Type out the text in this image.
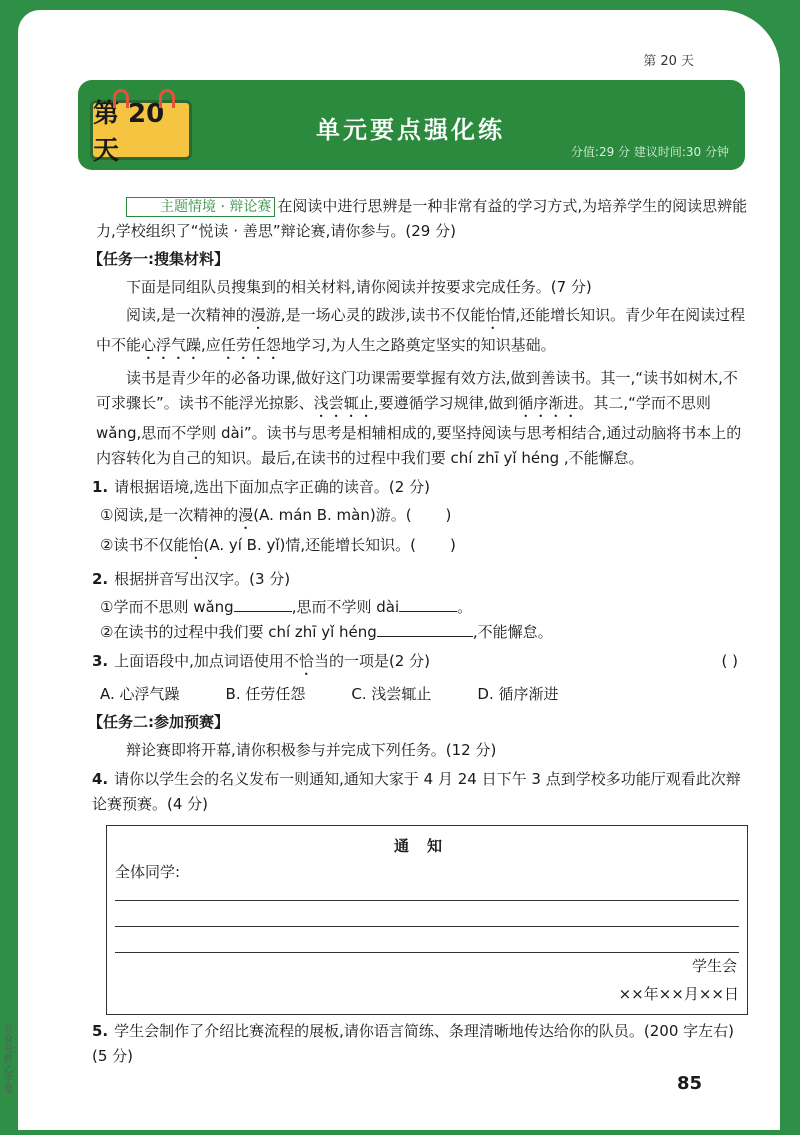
第 20 天
第 20 天
单元要点强化练
分值:29 分 建议时间:30 分钟

主题情境 · 辩论赛 在阅读中进行思辨是一种非常有益的学习方式,为培养学生的阅读思辨能力,学校组织了“悦读 · 善思”辩论赛,请你参与。(29 分)

【任务一:搜集材料】

下面是同组队员搜集到的相关材料,请你阅读并按要求完成任务。(7 分)

阅读,是一次精神的漫游,是一场心灵的跋涉,读书不仅能怡情,还能增长知识。青少年在阅读过程中不能心浮气躁,应任劳任怨地学习,为人生之路奠定坚实的知识基础。

读书是青少年的必备功课,做好这门功课需要掌握有效方法,做到善读书。其一,“读书如树木,不可求骤长”。读书不能浮光掠影、浅尝辄止,要遵循学习规律,做到循序渐进。其二,“学而不思则 wǎng,思而不学则 dài”。读书与思考是相辅相成的,要坚持阅读与思考相结合,通过动脑将书本上的内容转化为自己的知识。最后,在读书的过程中我们要 chí zhī yǐ héng ,不能懈怠。

1. 请根据语境,选出下面加点字正确的读音。(2 分)
①阅读,是一次精神的漫(A. mán B. màn)游。( )
②读书不仅能怡(A. yí B. yǐ)情,还能增长知识。( )
2. 根据拼音写出汉字。(3 分)
①学而不思则 wǎng	,思而不学则 dài	。
②在读书的过程中我们要 chí zhī yǐ héng	,不能懈怠。
3. 上面语段中,加点词语使用不恰当的一项是(2 分)	( )
A. 心浮气躁	B. 任劳任怨	C. 浅尝辄止	D. 循序渐进
【任务二:参加预赛】

辩论赛即将开幕,请你积极参与并完成下列任务。(12 分)

4. 请你以学生会的名义发布一则通知,通知大家于 4 月 24 日下午 3 点到学校多功能厅观看此次辩论赛预赛。(4 分)
通知
全体同学:
学生会
××年××月××日
5. 学生会制作了介绍比赛流程的展板,请你语言简练、条理清晰地传达给你的队员。(200 字左右)(5 分)
85
公众号:胖乙学堂
